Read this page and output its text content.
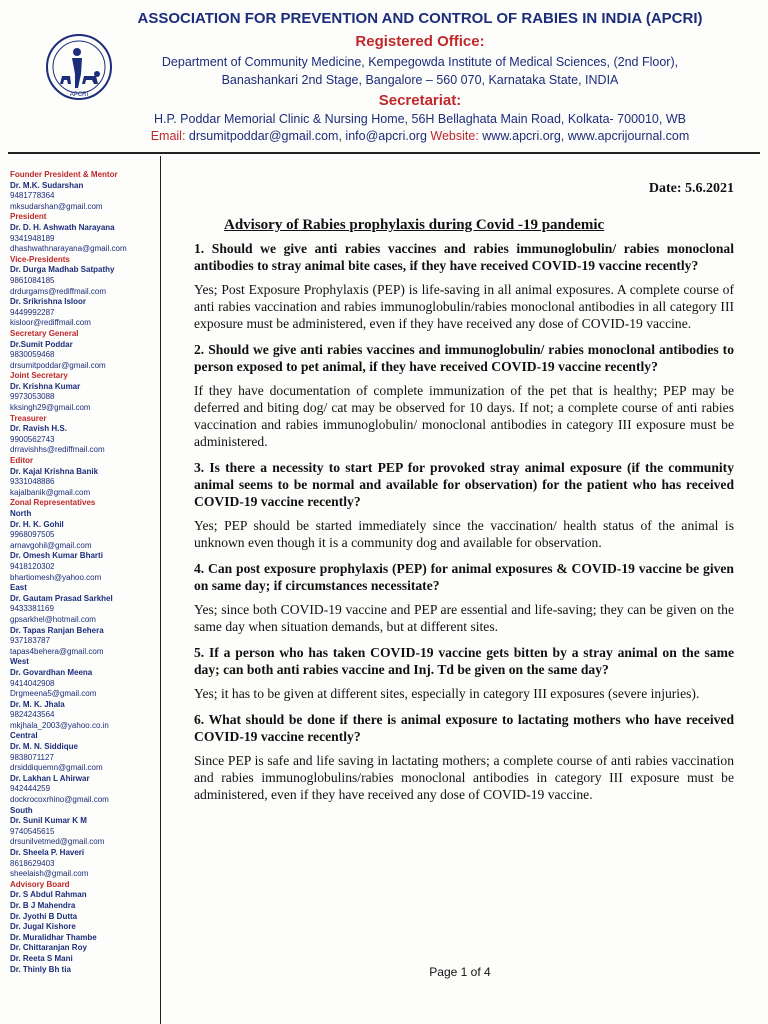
APCRI
ASSOCIATION FOR PREVENTION AND CONTROL OF RABIES IN INDIA (APCRI)
Registered Office:
Department of Community Medicine, Kempegowda Institute of Medical Sciences, (2nd Floor),
Banashankari 2nd Stage, Bangalore – 560 070, Karnataka State, INDIA
Secretariat:
H.P. Poddar Memorial Clinic & Nursing Home, 56H Bellaghata Main Road, Kolkata- 700010, WB
Email: drsumitpoddar@gmail.com, info@apcri.org Website: www.apcri.org, www.apcrijournal.com
Founder President & Mentor
Dr. M.K. Sudarshan
9481778364
mksudarshan@gmail.com
President
Dr. D. H. Ashwath Narayana
9341948189
dhashwathnarayana@gmail.com
Vice-Presidents
Dr. Durga Madhab Satpathy
9861084185
drdurgams@rediffmail.com
Dr. Srikrishna Isloor
9449992287
kisloor@rediffmail.com
Secretary General
Dr.Sumit Poddar
9830059468
drsumitpoddar@gmail.com
Joint Secretary
Dr. Krishna Kumar
9973053088
kksingh29@gmail.com
Treasurer
Dr. Ravish H.S.
9900562743
drravishhs@rediffmail.com
Editor
Dr. Kajal Krishna Banik
9331048886
kajalbanik@gmail.com
Zonal Representatives
North
Dr. H. K. Gohil
9968097505
arnavgohil@gmail.com
Dr. Omesh Kumar Bharti
9418120302
bhartiomesh@yahoo.com
East
Dr. Gautam Prasad Sarkhel
9433381169
gpsarkhel@hotmail.com
Dr. Tapas Ranjan Behera
937183787
tapas4behera@gmail.com
West
Dr. Govardhan Meena
9414042908
Drgmeena5@gmail.com
Dr. M. K. Jhala
9824243564
mkjhala_2003@yahoo.co.in
Central
Dr. M. N. Siddique
9838071127
drsiddiquemn@gmail.com
Dr. Lakhan L Ahirwar
942444259
dockrocoxrhino@gmail.com
South
Dr. Sunil Kumar K M
9740545615
drsunilvetmed@gmail.com
Dr. Sheela P. Haveri
8618629403
sheelaish@gmail.com
Advisory Board
Dr. S Abdul Rahman
Dr. B J Mahendra
Dr. Jyothi B Dutta
Dr. Jugal Kishore
Dr. Muralidhar Thambe
Dr. Chittaranjan Roy
Dr. Reeta S Mani
Dr. Thinly Bh tia
Date: 5.6.2021
Advisory of Rabies prophylaxis during Covid -19 pandemic

1. Should we give anti rabies vaccines and rabies immunoglobulin/ rabies monoclonal antibodies to stray animal bite cases, if they have received COVID-19 vaccine recently?

Yes; Post Exposure Prophylaxis (PEP) is life-saving in all animal exposures. A complete course of anti rabies vaccination and rabies immunoglobulin/rabies monoclonal antibodies in all category III exposure must be administered, even if they have received any dose of COVID-19 vaccine.

2. Should we give anti rabies vaccines and immunoglobulin/ rabies monoclonal antibodies to person exposed to pet animal, if they have received COVID-19 vaccine recently?

If they have documentation of complete immunization of the pet that is healthy; PEP may be deferred and biting dog/ cat may be observed for 10 days. If not; a complete course of anti rabies vaccination and rabies immunoglobulin/ monoclonal antibodies in category III exposure must be administered.

3. Is there a necessity to start PEP for provoked stray animal exposure (if the community animal seems to be normal and available for observation) for the patient who has received COVID-19 vaccine recently?

Yes; PEP should be started immediately since the vaccination/ health status of the animal is unknown even though it is a community dog and available for observation.

4. Can post exposure prophylaxis (PEP) for animal exposures & COVID-19 vaccine be given on same day; if circumstances necessitate?

Yes; since both COVID-19 vaccine and PEP are essential and life-saving; they can be given on the same day when situation demands, but at different sites.

5. If a person who has taken COVID-19 vaccine gets bitten by a stray animal on the same day; can both anti rabies vaccine and Inj. Td be given on the same day?

Yes; it has to be given at different sites, especially in category III exposures (severe injuries).

6. What should be done if there is animal exposure to lactating mothers who have received COVID-19 vaccine recently?

Since PEP is safe and life saving in lactating mothers; a complete course of anti rabies vaccination and rabies immunoglobulins/rabies monoclonal antibodies in category III exposure must be administered, even if they have received any dose of COVID-19 vaccine.

Page 1 of 4
